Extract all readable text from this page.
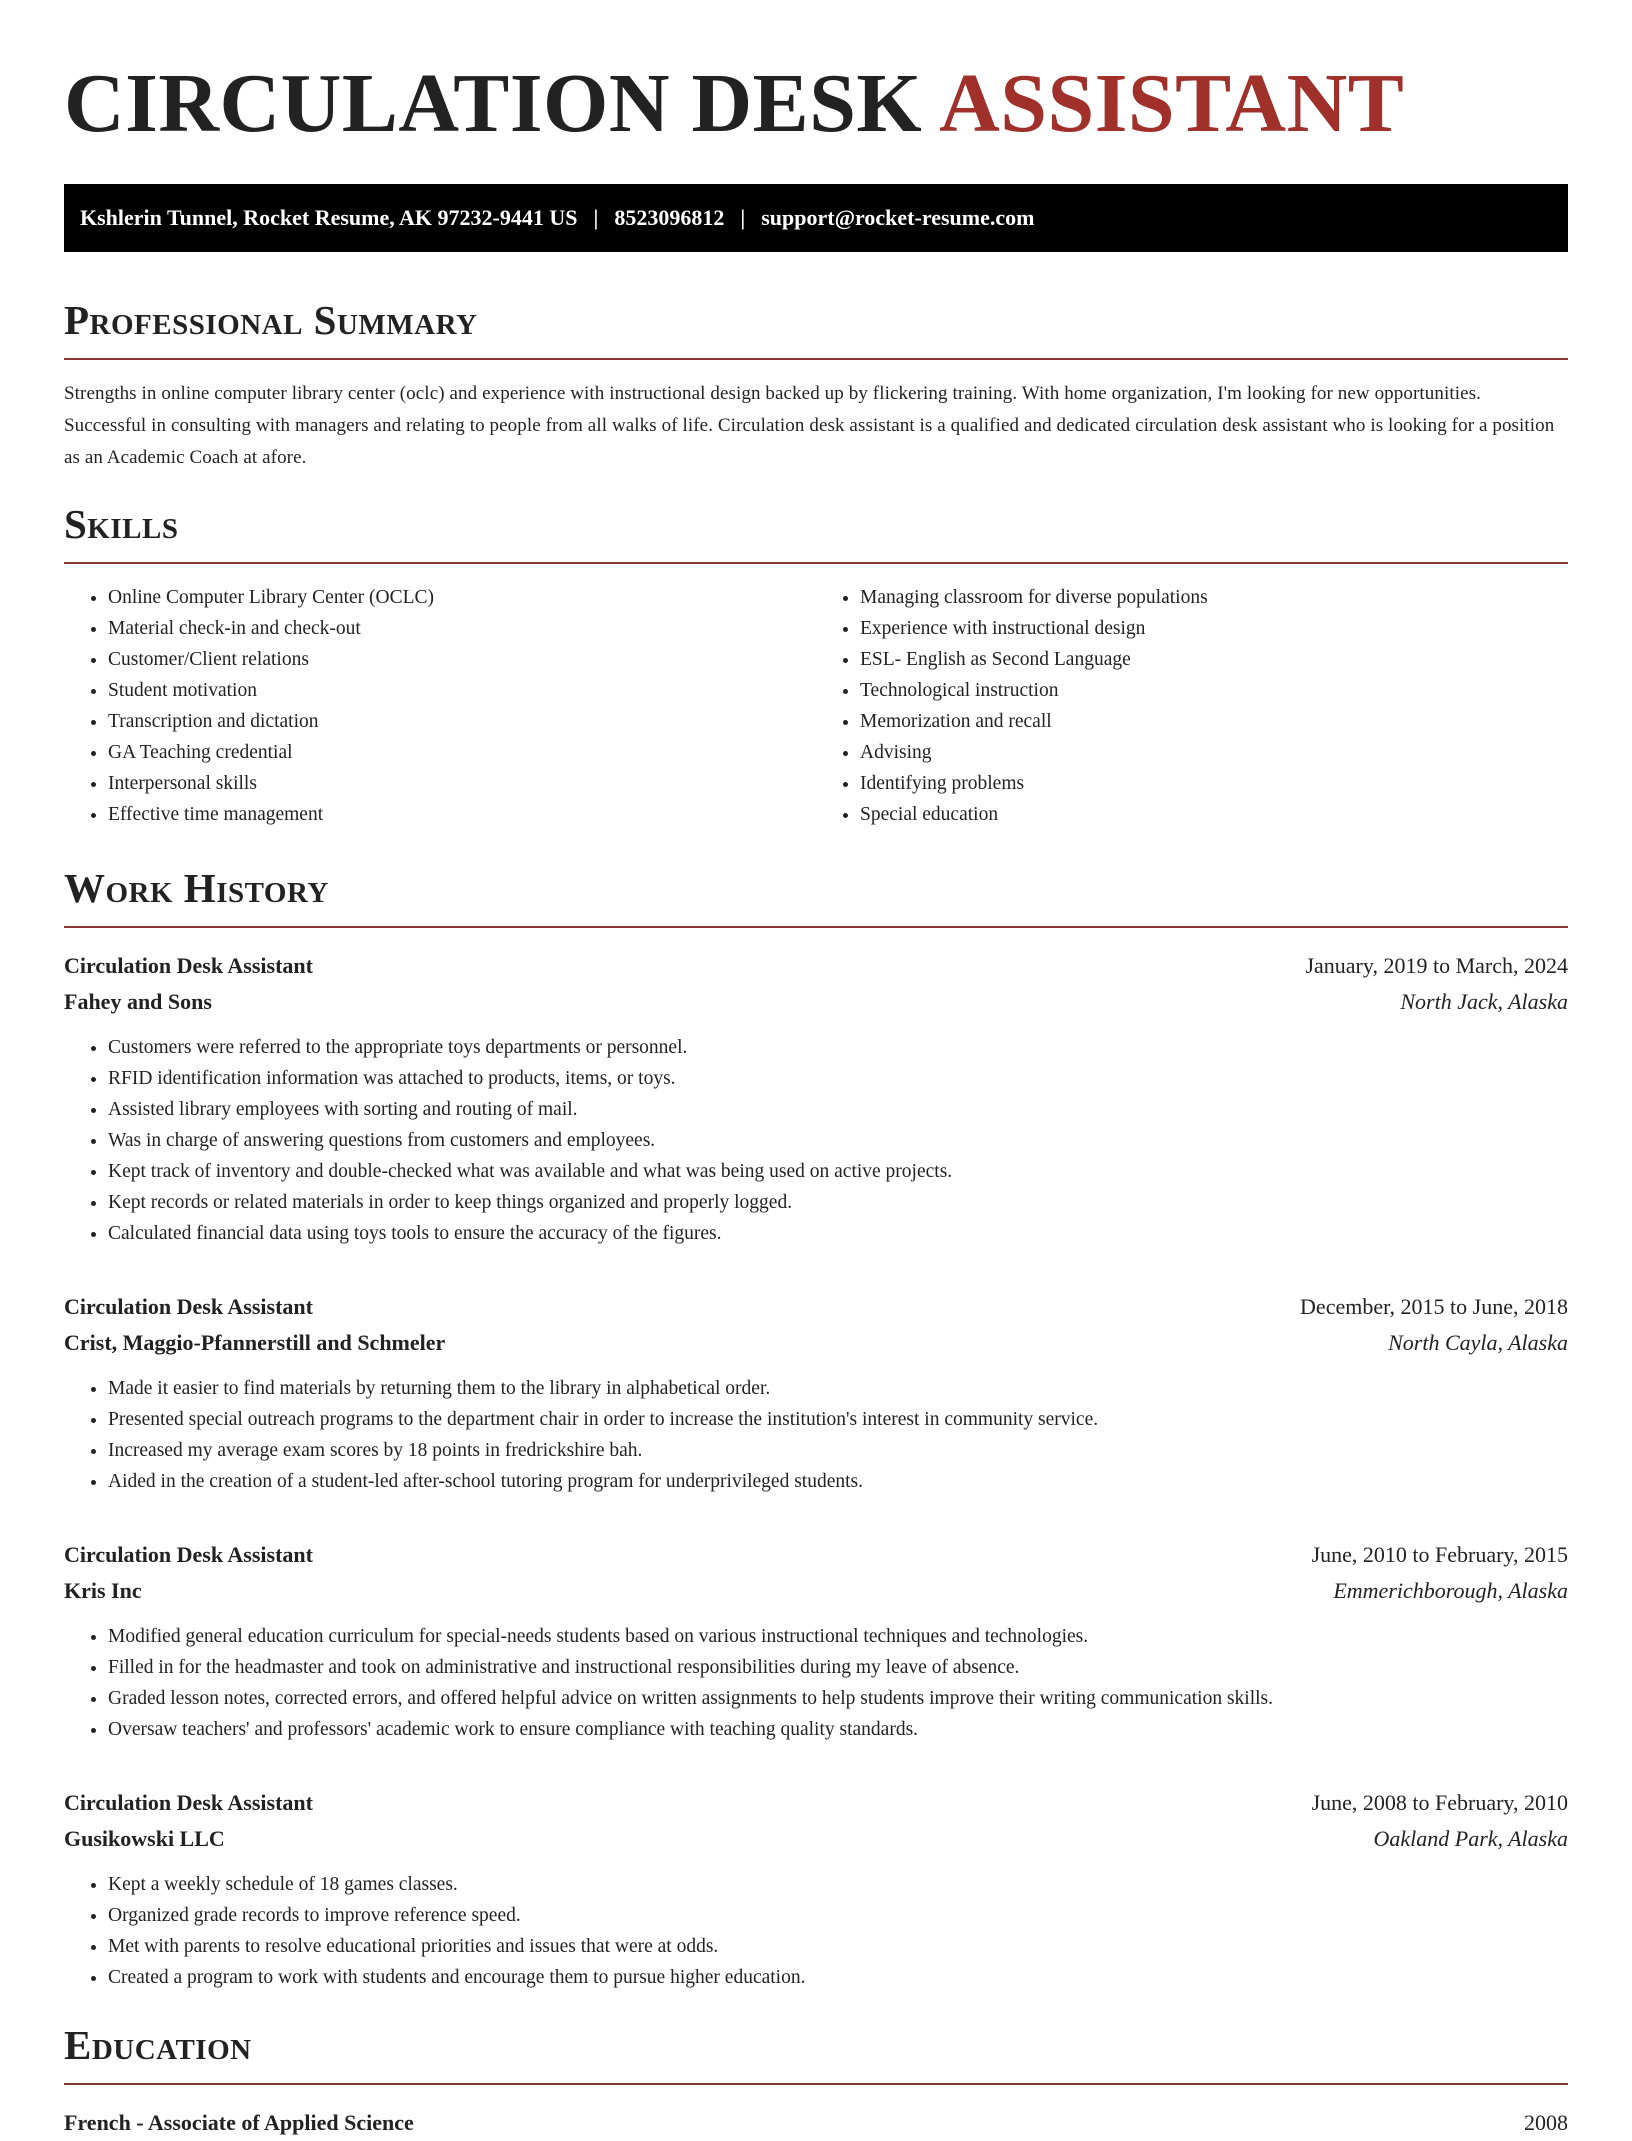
CIRCULATION DESK ASSISTANT
Kshlerin Tunnel, Rocket Resume, AK 97232-9441 US | 8523096812 | support@rocket-resume.com
Professional Summary

Strengths in online computer library center (oclc) and experience with instructional design backed up by flickering training. With home organization, I'm looking for new opportunities. Successful in consulting with managers and relating to people from all walks of life. Circulation desk assistant is a qualified and dedicated circulation desk assistant who is looking for a position as an Academic Coach at afore.

Skills
• Online Computer Library Center (OCLC)
• Material check-in and check-out
• Customer/Client relations
• Student motivation
• Transcription and dictation
• GA Teaching credential
• Interpersonal skills
• Effective time management
• Managing classroom for diverse populations
• Experience with instructional design
• ESL- English as Second Language
• Technological instruction
• Memorization and recall
• Advising
• Identifying problems
• Special education
Work History
Circulation Desk Assistant	January, 2019 to March, 2024
Fahey and Sons	North Jack, Alaska
• Customers were referred to the appropriate toys departments or personnel.
• RFID identification information was attached to products, items, or toys.
• Assisted library employees with sorting and routing of mail.
• Was in charge of answering questions from customers and employees.
• Kept track of inventory and double-checked what was available and what was being used on active projects.
• Kept records or related materials in order to keep things organized and properly logged.
• Calculated financial data using toys tools to ensure the accuracy of the figures.
Circulation Desk Assistant	December, 2015 to June, 2018
Crist, Maggio-Pfannerstill and Schmeler	North Cayla, Alaska
• Made it easier to find materials by returning them to the library in alphabetical order.
• Presented special outreach programs to the department chair in order to increase the institution's interest in community service.
• Increased my average exam scores by 18 points in fredrickshire bah.
• Aided in the creation of a student-led after-school tutoring program for underprivileged students.
Circulation Desk Assistant	June, 2010 to February, 2015
Kris Inc	Emmerichborough, Alaska
• Modified general education curriculum for special-needs students based on various instructional techniques and technologies.
• Filled in for the headmaster and took on administrative and instructional responsibilities during my leave of absence.
• Graded lesson notes, corrected errors, and offered helpful advice on written assignments to help students improve their writing communication skills.
• Oversaw teachers' and professors' academic work to ensure compliance with teaching quality standards.
Circulation Desk Assistant	June, 2008 to February, 2010
Gusikowski LLC	Oakland Park, Alaska
• Kept a weekly schedule of 18 games classes.
• Organized grade records to improve reference speed.
• Met with parents to resolve educational priorities and issues that were at odds.
• Created a program to work with students and encourage them to pursue higher education.
Education
French - Associate of Applied Science	2008
